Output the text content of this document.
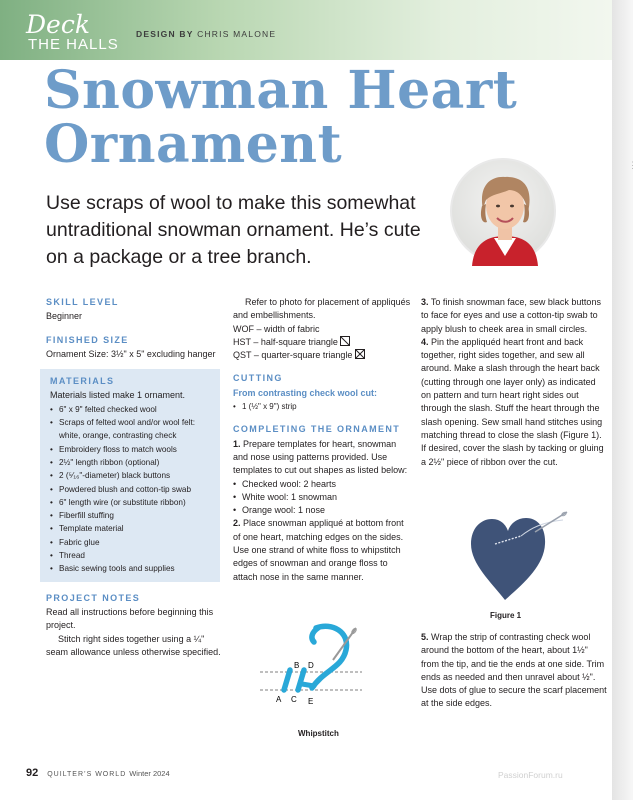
Deck
THE HALLS
DESIGN BY CHRIS MALONE
⋮
Snowman Heart
Ornament
Use scraps of wool to make this somewhat untraditional snowman ornament. He’s cute on a package or a tree branch.
SKILL LEVEL
Beginner
FINISHED SIZE
Ornament Size: 3½" x 5" excluding hanger
MATERIALS
Materials listed make 1 ornament.
• 6" x 9" felted checked wool
• Scraps of felted wool and/or wool felt: white, orange, contrasting check
• Embroidery floss to match wools
• 2½" length ribbon (optional)
• 2 (⁵⁄₁₆"-diameter) black buttons
• Powdered blush and cotton-tip swab
• 6" length wire (or substitute ribbon)
• Fiberfill stuffing
• Template material
• Fabric glue
• Thread
• Basic sewing tools and supplies
PROJECT NOTES
Read all instructions before beginning this project.
Stitch right sides together using a ¼" seam allowance unless otherwise specified.
Refer to photo for placement of appliqués and embellishments.
WOF – width of fabric
HST – half-square triangle
QST – quarter-square triangle
CUTTING
From contrasting check wool cut:
• 1 (½" x 9") strip
COMPLETING THE ORNAMENT
1. Prepare templates for heart, snowman and nose using patterns provided. Use templates to cut out shapes as listed below:
• Checked wool: 2 hearts
• White wool: 1 snowman
• Orange wool: 1 nose
2. Place snowman appliqué at bottom front of one heart, matching edges on the sides. Use one strand of white floss to whipstitch edges of snowman and orange floss to attach nose in the same manner.
3. To finish snowman face, sew black buttons to face for eyes and use a cotton-tip swab to apply blush to cheek area in small circles.
4. Pin the appliquéd heart front and back together, right sides together, and sew all around. Make a slash through the heart back (cutting through one layer only) as indicated on pattern and turn heart right sides out through the slash. Stuff the heart through the slash opening. Sew small hand stitches using matching thread to close the slash (Figure 1). If desired, cover the slash by tacking or gluing a 2½" piece of ribbon over the cut.
Figure 1
5. Wrap the strip of contrasting check wool around the bottom of the heart, about 1½" from the tip, and tie the ends at one side. Trim ends as needed and then unravel about ½". Use dots of glue to secure the scarf placement at the side edges.
B D
A C E
Whipstitch
92 QUILTER’S WORLD Winter 2024	PassionForum.ru
